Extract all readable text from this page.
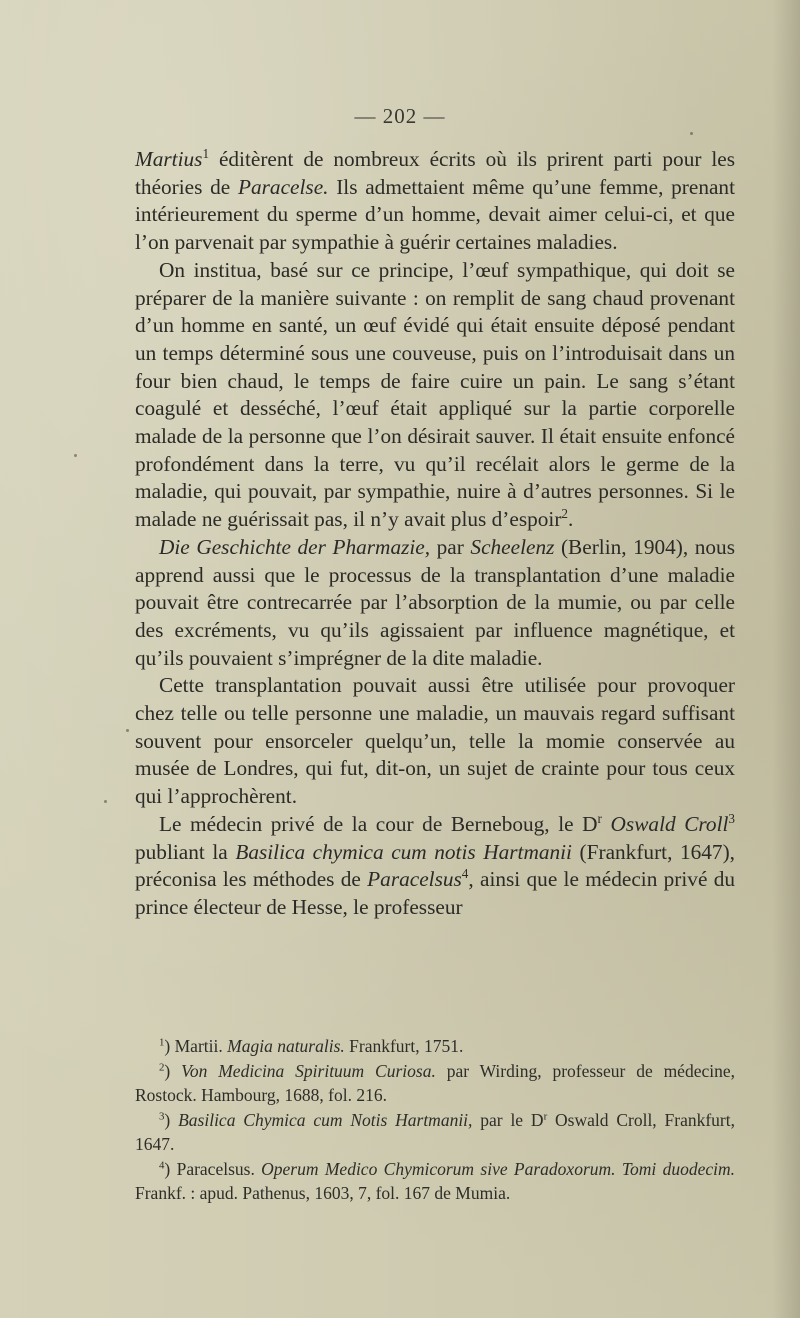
— 202 —

Martius$^1$ éditèrent de nombreux écrits où ils prirent parti pour les théories de Paracelse. Ils admettaient même qu’une femme, prenant intérieurement du sperme d’un homme, devait aimer celui-ci, et que l’on parvenait par sympathie à guérir certaines maladies.

On institua, basé sur ce principe, l’œuf sympathique, qui doit se préparer de la manière suivante : on remplit de sang chaud provenant d’un homme en santé, un œuf évidé qui était ensuite déposé pendant un temps déterminé sous une couveuse, puis on l’introduisait dans un four bien chaud, le temps de faire cuire un pain. Le sang s’étant coagulé et desséché, l’œuf était appliqué sur la partie corporelle malade de la personne que l’on désirait sauver. Il était ensuite enfoncé profondément dans la terre, vu qu’il recélait alors le germe de la maladie, qui pouvait, par sympathie, nuire à d’autres personnes. Si le malade ne guérissait pas, il n’y avait plus d’espoir$^2$.

Die Geschichte der Pharmazie, par Scheelenz (Berlin, 1904), nous apprend aussi que le processus de la transplantation d’une maladie pouvait être contrecarrée par l’absorption de la mumie, ou par celle des excréments, vu qu’ils agissaient par influence magnétique, et qu’ils pouvaient s’imprégner de la dite maladie.

Cette transplantation pouvait aussi être utilisée pour provoquer chez telle ou telle personne une maladie, un mauvais regard suffisant souvent pour ensorceler quelqu’un, telle la momie conservée au musée de Londres, qui fut, dit-on, un sujet de crainte pour tous ceux qui l’approchèrent.

Le médecin privé de la cour de Berneboug, le $D^r$ Oswald Croll$^3$ publiant la Basilica chymica cum notis Hartmanii (Frankfurt, 1647), préconisa les méthodes de Paracelsus$^4$, ainsi que le médecin privé du prince électeur de Hesse, le professeur

$^1$) Martii. Magia naturalis. Frankfurt, 1751.

$^2$) Von Medicina Spirituum Curiosa. par Wirding, professeur de médecine, Rostock. Hambourg, 1688, fol. 216.

$^3$) Basilica Chymica cum Notis Hartmanii, par le $D^r$ Oswald Croll, Frankfurt, 1647.

$^4$) Paracelsus. Operum Medico Chymicorum sive Paradoxorum. Tomi duodecim. Frankf. : apud. Pathenus, 1603, 7, fol. 167 de Mumia.
